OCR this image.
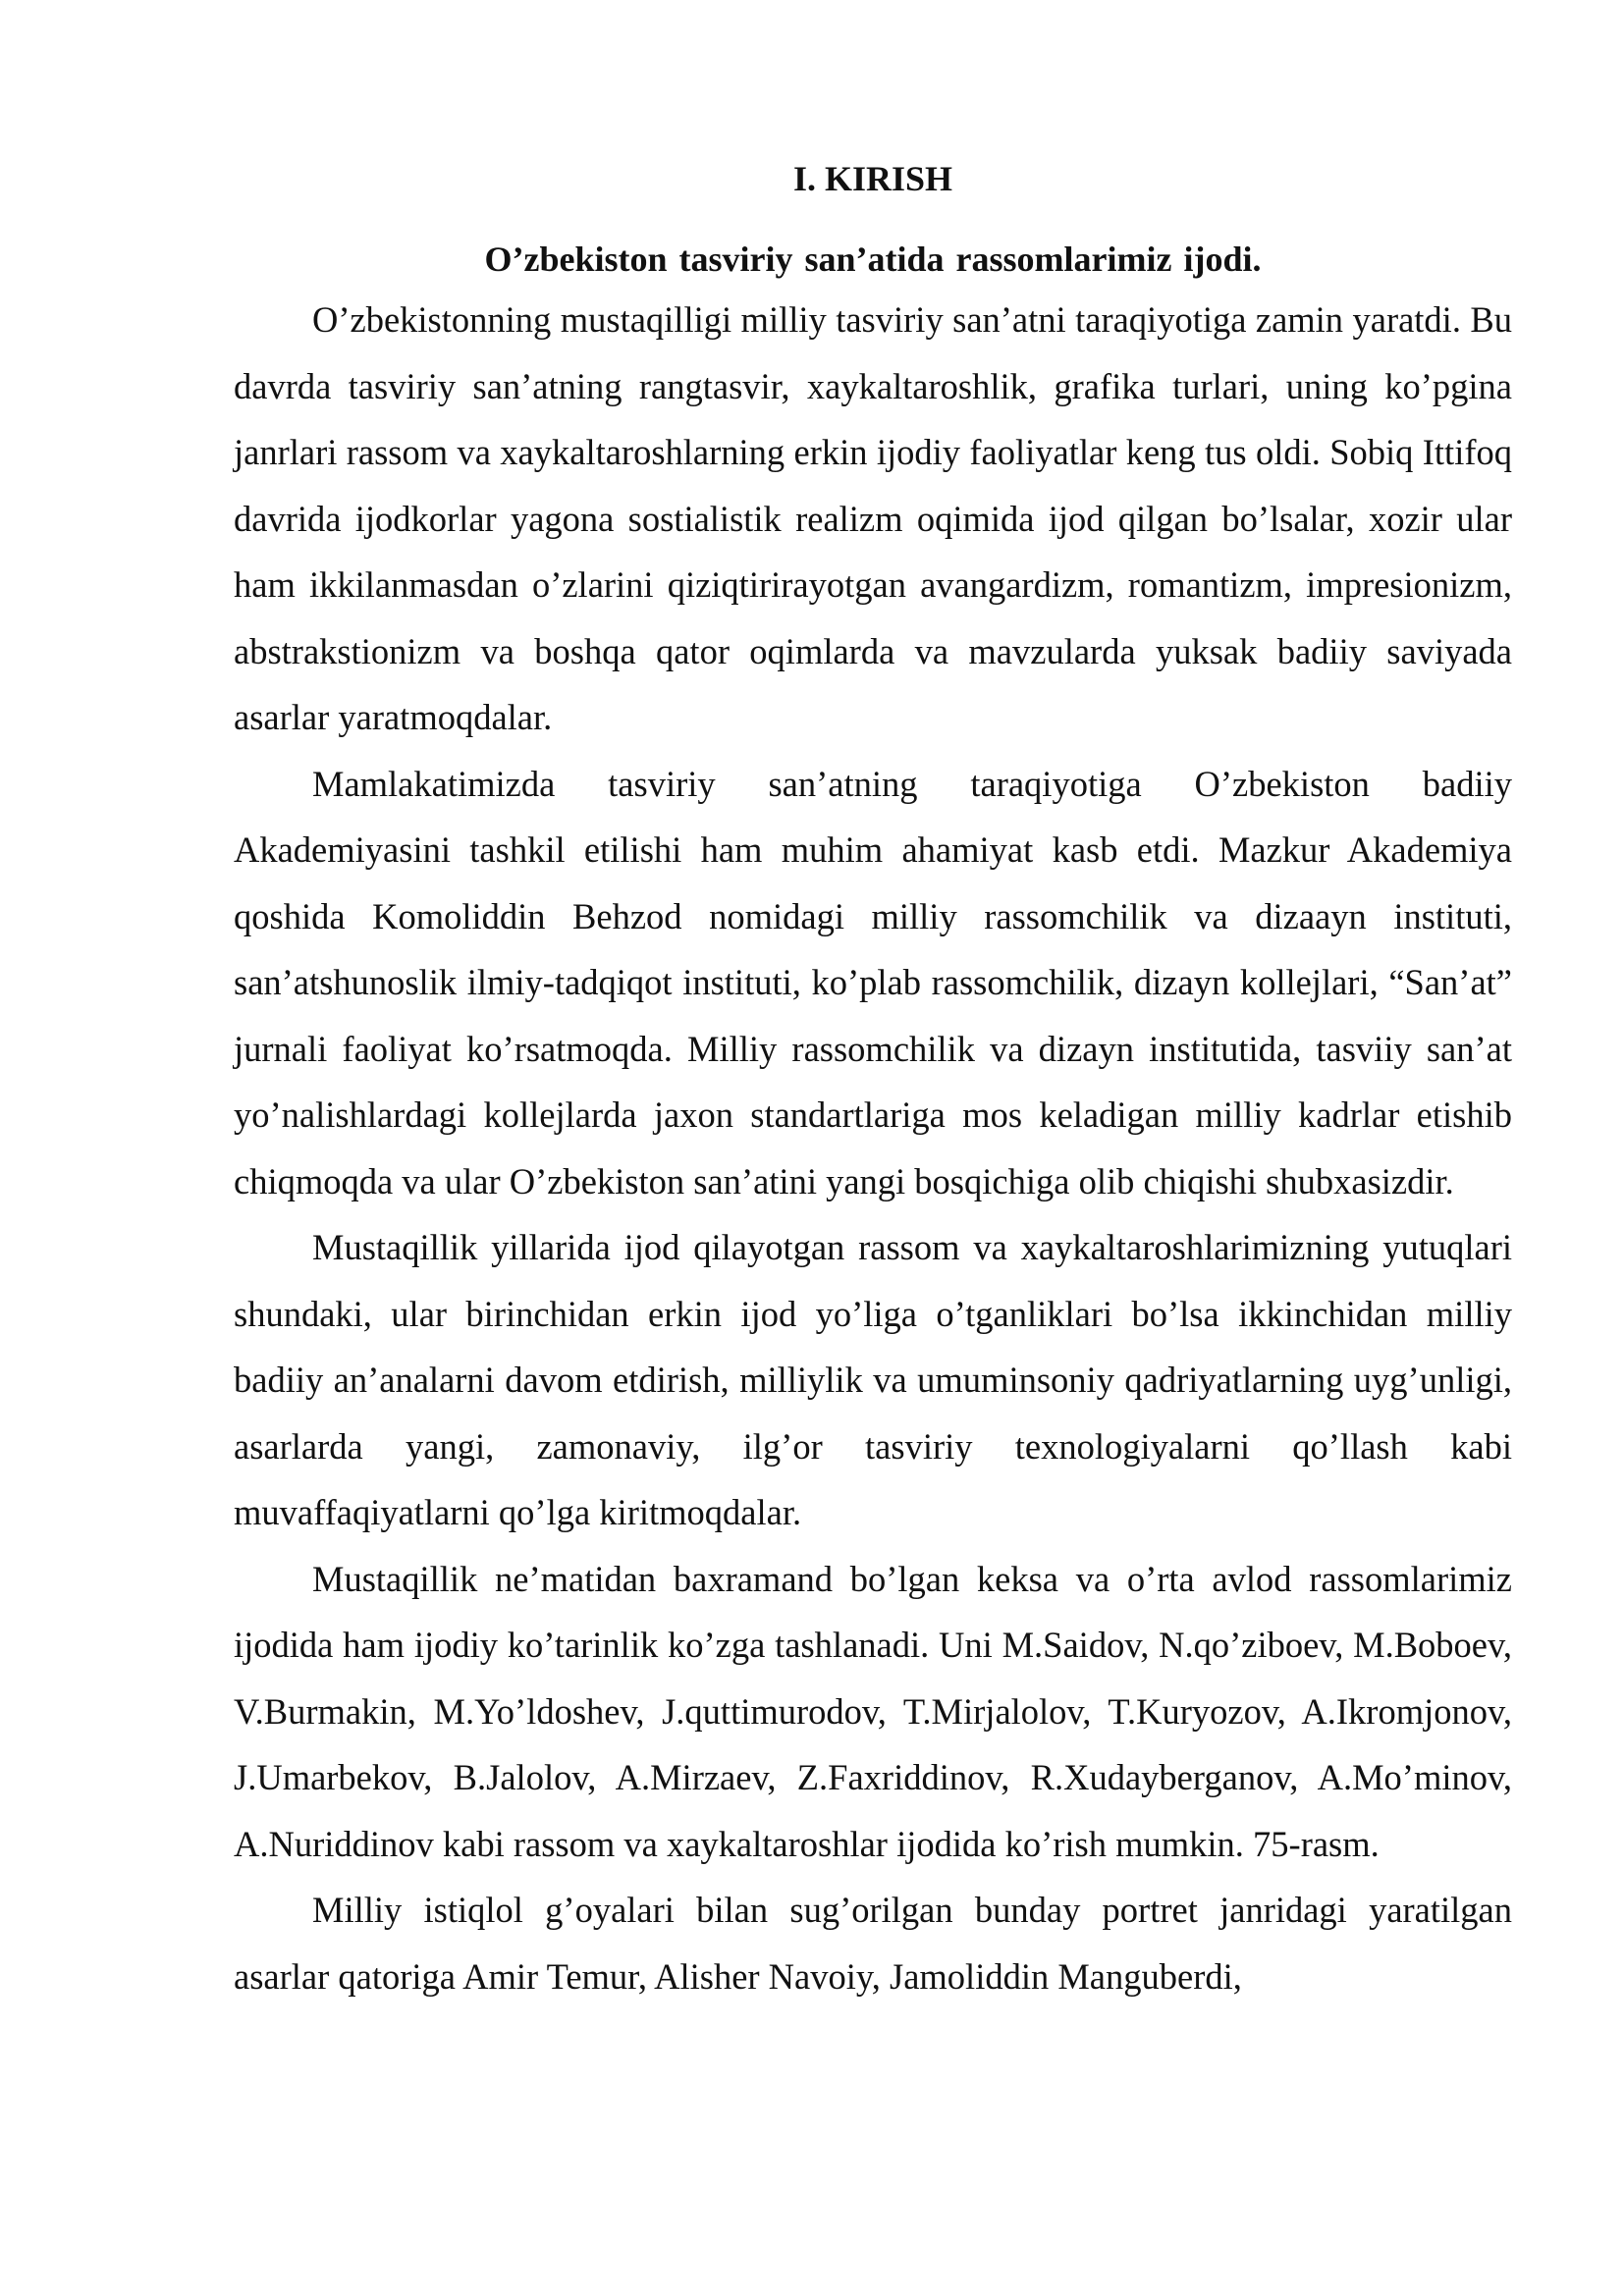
I. KIRISH
O’zbekiston tasviriy san’atida rassomlarimiz ijodi.

O’zbekistonning mustaqilligi milliy tasviriy san’atni taraqiyotiga zamin yaratdi. Bu davrda tasviriy san’atning rangtasvir, xaykaltaroshlik, grafika turlari, uning ko’pgina janrlari rassom va xaykaltaroshlarning erkin ijodiy faoliyatlar keng tus oldi. Sobiq Ittifoq davrida ijodkorlar yagona sostialistik realizm oqimida ijod qilgan bo’lsalar, xozir ular ham ikkilanmasdan o’zlarini qiziqtirirayotgan avangardizm, romantizm, impresionizm, abstrakstionizm va boshqa qator oqimlarda va mavzularda yuksak badiiy saviyada asarlar yaratmoqdalar.

Mamlakatimizda tasviriy san’atning taraqiyotiga O’zbekiston badiiy Akademiyasini tashkil etilishi ham muhim ahamiyat kasb etdi. Mazkur Akademiya qoshida Komoliddin Behzod nomidagi milliy rassomchilik va dizaayn instituti, san’atshunoslik ilmiy-tadqiqot instituti, ko’plab rassomchilik, dizayn kollejlari, “San’at” jurnali faoliyat ko’rsatmoqda. Milliy rassomchilik va dizayn institutida, tasviiy san’at yo’nalishlardagi kollejlarda jaxon standartlariga mos keladigan milliy kadrlar etishib chiqmoqda va ular O’zbekiston san’atini yangi bosqichiga olib chiqishi shubxasizdir.

Mustaqillik yillarida ijod qilayotgan rassom va xaykaltaroshlarimizning yutuqlari shundaki, ular birinchidan erkin ijod yo’liga o’tganliklari bo’lsa ikkinchidan milliy badiiy an’analarni davom etdirish, milliylik va umuminsoniy qadriyatlarning uyg’unligi, asarlarda yangi, zamonaviy, ilg’or tasviriy texnologiyalarni qo’llash kabi muvaffaqiyatlarni qo’lga kiritmoqdalar.

Mustaqillik ne’matidan baxramand bo’lgan keksa va o’rta avlod rassomlarimiz ijodida ham ijodiy ko’tarinlik ko’zga tashlanadi. Uni M.Saidov, N.qo’ziboev, M.Boboev, V.Burmakin, M.Yo’ldoshev, J.quttimurodov, T.Mirjalolov, T.Kuryozov, A.Ikromjonov, J.Umarbekov, B.Jalolov, A.Mirzaev, Z.Faxriddinov, R.Xudayberganov, A.Mo’minov, A.Nuriddinov kabi rassom va xaykaltaroshlar ijodida ko’rish mumkin. 75-rasm.

Milliy istiqlol g’oyalari bilan sug’orilgan bunday portret janridagi yaratilgan asarlar qatoriga Amir Temur, Alisher Navoiy, Jamoliddin Manguberdi,
